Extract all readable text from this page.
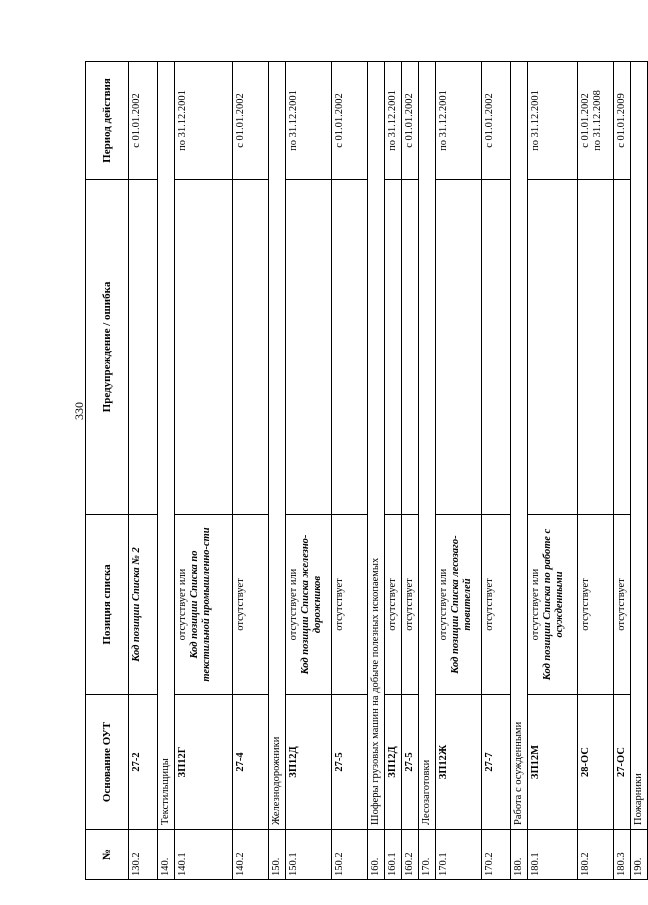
330
№	Основание ОУТ	Позиция списка	Предупреждение / ошибка	Период действия
130.2	27-2	Код позиции Списка № 2		с 01.01.2002

140.	Текстильщицы			
140.1	ЗП12Г	отсутствует или Код позиции Списка по текстильной промышленно-сти		по 31.12.2001

140.2	27-4	отсутствует		с 01.01.2002

150.	Железнодорожники			
150.1	ЗП12Д	отсутствует или Код позиции Списка железно-дорожников		по 31.12.2001

150.2	27-5	отсутствует		с 01.01.2002

160.	Шоферы грузовых машин на добыче полезных ископаемых			
160.1	ЗП12Д	отсутствует		по 31.12.2001

160.2	27-5	отсутствует		с 01.01.2002

170.	Лесозаготовки			
170.1	ЗП12Ж	отсутствует или Код позиции Списка лесозаго-товителей		по 31.12.2001

170.2	27-7	отсутствует		с 01.01.2002

180.	Работа с осужденными			
180.1	ЗП12М	отсутствует или Код позиции Списка по работе с осужденными		по 31.12.2001

180.2	28-ОС	отсутствует		с 01.01.2002 по 31.12.2008

180.3	27-ОС	отсутствует		с 01.01.2009

190.	Пожарники			
